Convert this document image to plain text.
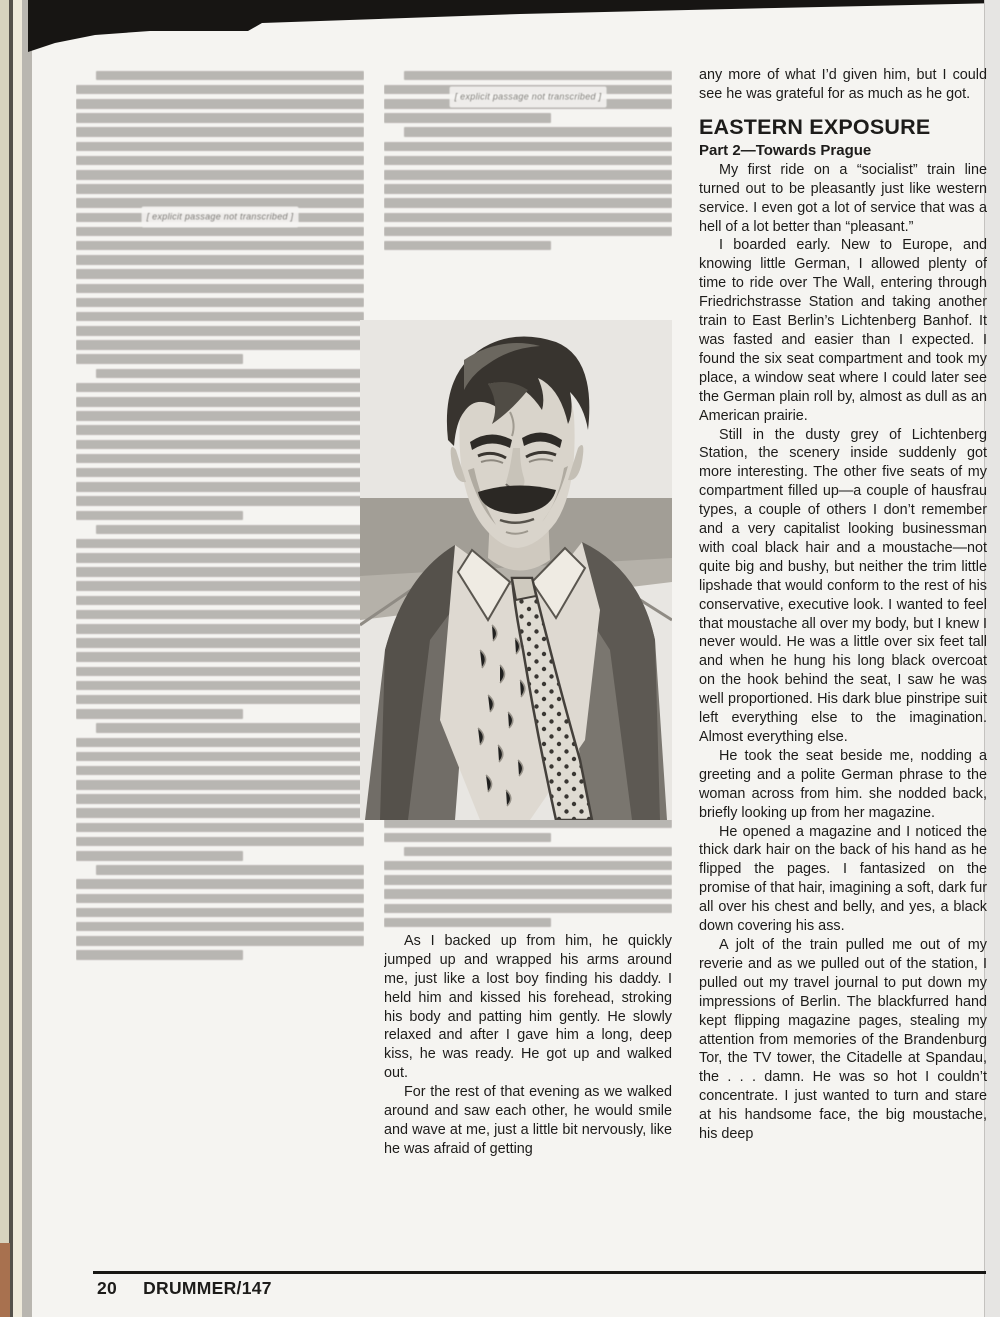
[ explicit passage not transcribed ]
[ explicit passage not transcribed ]

As I backed up from him, he quickly jumped up and wrapped his arms around me, just like a lost boy finding his daddy. I held him and kissed his forehead, stroking his body and patting him gently. He slowly relaxed and after I gave him a long, deep kiss, he was ready. He got up and walked out.

For the rest of that evening as we walked around and saw each other, he would smile and wave at me, just a little bit nervously, like he was afraid of getting

any more of what I’d given him, but I could see he was grateful for as much as he got.

EASTERN EXPOSURE
Part 2—Towards Prague

My first ride on a “socialist” train line turned out to be pleasantly just like western service. I even got a lot of service that was a hell of a lot better than “pleasant.”

I boarded early. New to Europe, and knowing little German, I allowed plenty of time to ride over The Wall, entering through Friedrichstrasse Station and taking another train to East Berlin’s Lichtenberg Banhof. It was fasted and easier than I expected. I found the six seat compartment and took my place, a window seat where I could later see the German plain roll by, almost as dull as an American prairie.

Still in the dusty grey of Lichtenberg Station, the scenery inside suddenly got more interesting. The other five seats of my compartment filled up—a couple of hausfrau types, a couple of others I don’t remember and a very capitalist looking businessman with coal black hair and a moustache—not quite big and bushy, but neither the trim little lipshade that would conform to the rest of his conservative, executive look. I wanted to feel that moustache all over my body, but I knew I never would. He was a little over six feet tall and when he hung his long black overcoat on the hook behind the seat, I saw he was well proportioned. His dark blue pinstripe suit left everything else to the imagination. Almost everything else.

He took the seat beside me, nodding a greeting and a polite German phrase to the woman across from him. she nodded back, briefly looking up from her magazine.

He opened a magazine and I noticed the thick dark hair on the back of his hand as he flipped the pages. I fantasized on the promise of that hair, imagining a soft, dark fur all over his chest and belly, and yes, a black down covering his ass.

A jolt of the train pulled me out of my reverie and as we pulled out of the station, I pulled out my travel journal to put down my impressions of Berlin. The blackfurred hand kept flipping magazine pages, stealing my attention from memories of the Brandenburg Tor, the TV tower, the Citadelle at Spandau, the . . . damn. He was so hot I couldn’t concentrate. I just wanted to turn and stare at his handsome face, the big moustache, his deep

20 DRUMMER/147
